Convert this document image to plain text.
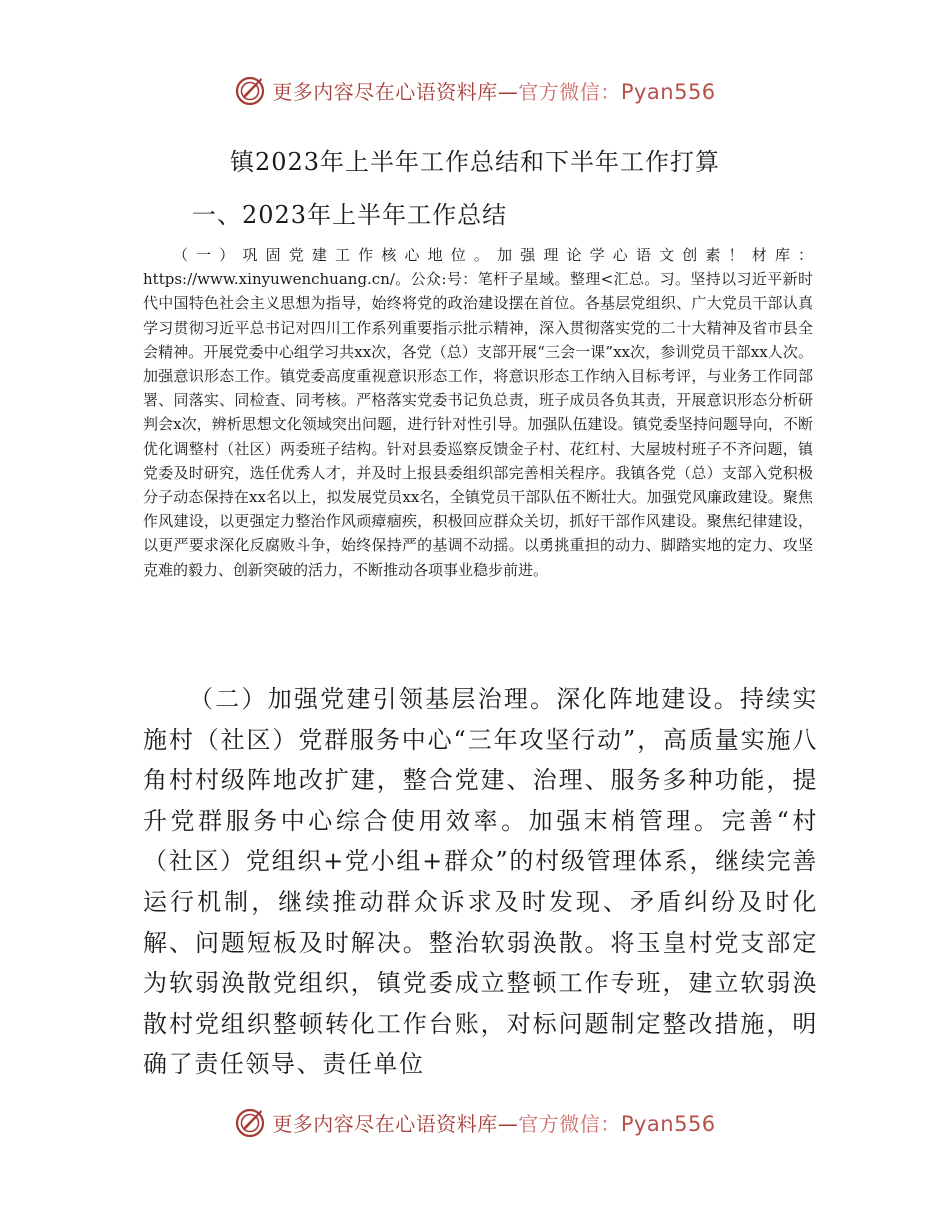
更多内容尽在心语资料库—官方微信：Pyan556
镇2023年上半年工作总结和下半年工作打算
一、2023年上半年工作总结
（一）巩固党建工作核心地位。加强理论学心语文创素！材库：https://www.xinyuwenchuang.cn/。公众:号：笔杆子星域。整理<汇总。习。坚持以习近平新时代中国特色社会主义思想为指导，始终将党的政治建设摆在首位。各基层党组织、广大党员干部认真学习贯彻习近平总书记对四川工作系列重要指示批示精神，深入贯彻落实党的二十大精神及省市县全会精神。开展党委中心组学习共xx次，各党（总）支部开展“三会一课”xx次，参训党员干部xx人次。加强意识形态工作。镇党委高度重视意识形态工作，将意识形态工作纳入目标考评，与业务工作同部署、同落实、同检查、同考核。严格落实党委书记负总责，班子成员各负其责，开展意识形态分析研判会x次，辨析思想文化领域突出问题，进行针对性引导。加强队伍建设。镇党委坚持问题导向，不断优化调整村（社区）两委班子结构。针对县委巡察反馈金子村、花红村、大屋坡村班子不齐问题，镇党委及时研究，选任优秀人才，并及时上报县委组织部完善相关程序。我镇各党（总）支部入党积极分子动态保持在xx名以上，拟发展党员xx名，全镇党员干部队伍不断壮大。加强党风廉政建设。聚焦作风建设，以更强定力整治作风顽瘴痼疾，积极回应群众关切，抓好干部作风建设。聚焦纪律建设，以更严要求深化反腐败斗争，始终保持严的基调不动摇。以勇挑重担的动力、脚踏实地的定力、攻坚克难的毅力、创新突破的活力，不断推动各项事业稳步前进。
（二）加强党建引领基层治理。深化阵地建设。持续实施村（社区）党群服务中心“三年攻坚行动”，高质量实施八角村村级阵地改扩建，整合党建、治理、服务多种功能，提升党群服务中心综合使用效率。加强末梢管理。完善“村（社区）党组织+党小组+群众”的村级管理体系，继续完善运行机制，继续推动群众诉求及时发现、矛盾纠纷及时化解、问题短板及时解决。整治软弱涣散。将玉皇村党支部定为软弱涣散党组织，镇党委成立整顿工作专班，建立软弱涣散村党组织整顿转化工作台账，对标问题制定整改措施，明确了责任领导、责任单位
更多内容尽在心语资料库—官方微信：Pyan556
